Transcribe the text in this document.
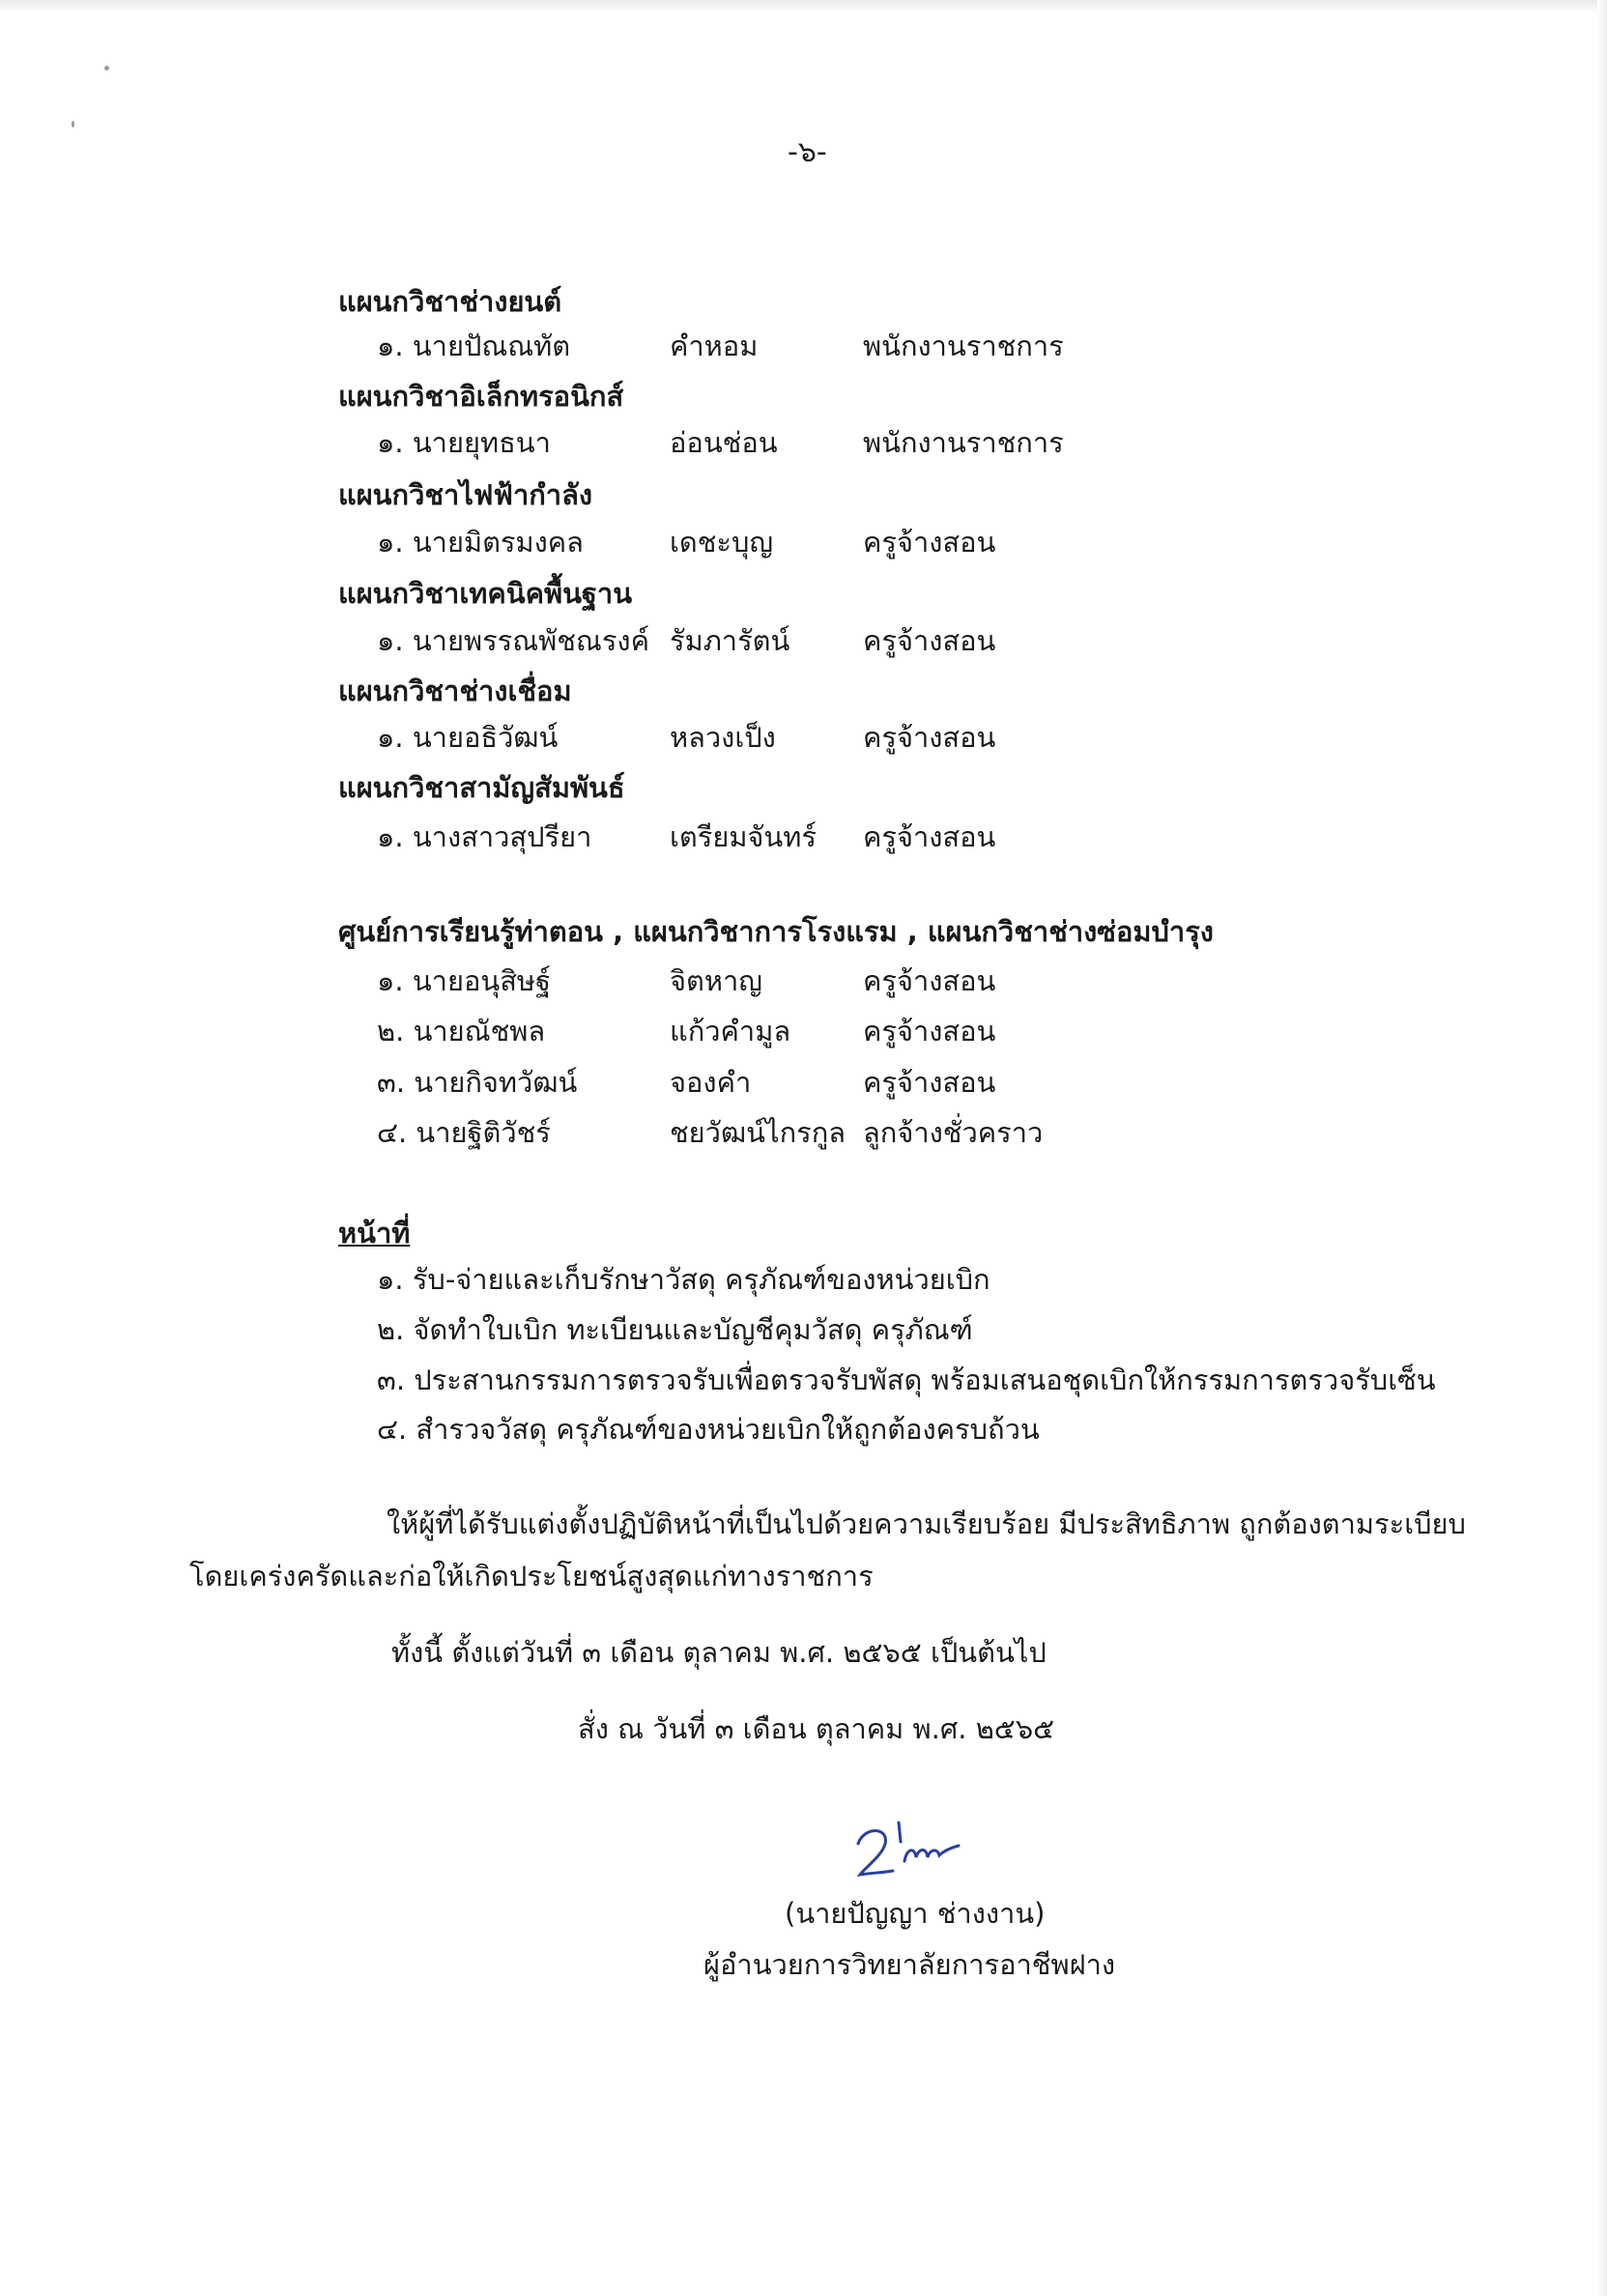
-๖-
แผนกวิชาช่างยนต์
๑. นายปัณณทัต	คำหอม	พนักงานราชการ
แผนกวิชาอิเล็กทรอนิกส์
๑. นายยุทธนา	อ่อนช่อน	พนักงานราชการ
แผนกวิชาไฟฟ้ากำลัง
๑. นายมิตรมงคล	เดชะบุญ	ครูจ้างสอน
แผนกวิชาเทคนิคพื้นฐาน
๑. นายพรรณพัชณรงค์ รัมภารัตน์	ครูจ้างสอน
แผนกวิชาช่างเชื่อม
๑. นายอธิวัฒน์	หลวงเป็ง	ครูจ้างสอน
แผนกวิชาสามัญสัมพันธ์
๑. นางสาวสุปรียา	เตรียมจันทร์ ครูจ้างสอน
ศูนย์การเรียนรู้ท่าตอน , แผนกวิชาการโรงแรม , แผนกวิชาช่างซ่อมบำรุง
๑. นายอนุสิษฐ์	จิตหาญ	ครูจ้างสอน
๒. นายณัชพล	แก้วคำมูล	ครูจ้างสอน
๓. นายกิจทวัฒน์	จองคำ	ครูจ้างสอน
๔. นายฐิติวัชร์	ชยวัฒน์ไกรกูล ลูกจ้างชั่วคราว
หน้าที่
๑. รับ-จ่ายและเก็บรักษาวัสดุ ครุภัณฑ์ของหน่วยเบิก
๒. จัดทำใบเบิก ทะเบียนและบัญชีคุมวัสดุ ครุภัณฑ์
๓. ประสานกรรมการตรวจรับเพื่อตรวจรับพัสดุ พร้อมเสนอชุดเบิกให้กรรมการตรวจรับเซ็น
๔. สำรวจวัสดุ ครุภัณฑ์ของหน่วยเบิกให้ถูกต้องครบถ้วน
ให้ผู้ที่ได้รับแต่งตั้งปฏิบัติหน้าที่เป็นไปด้วยความเรียบร้อย มีประสิทธิภาพ ถูกต้องตามระเบียบ
โดยเคร่งครัดและก่อให้เกิดประโยชน์สูงสุดแก่ทางราชการ
ทั้งนี้ ตั้งแต่วันที่ ๓ เดือน ตุลาคม พ.ศ. ๒๕๖๕ เป็นต้นไป
สั่ง ณ วันที่ ๓ เดือน ตุลาคม พ.ศ. ๒๕๖๕
(นายปัญญา ช่างงาน)
ผู้อำนวยการวิทยาลัยการอาชีพฝาง
